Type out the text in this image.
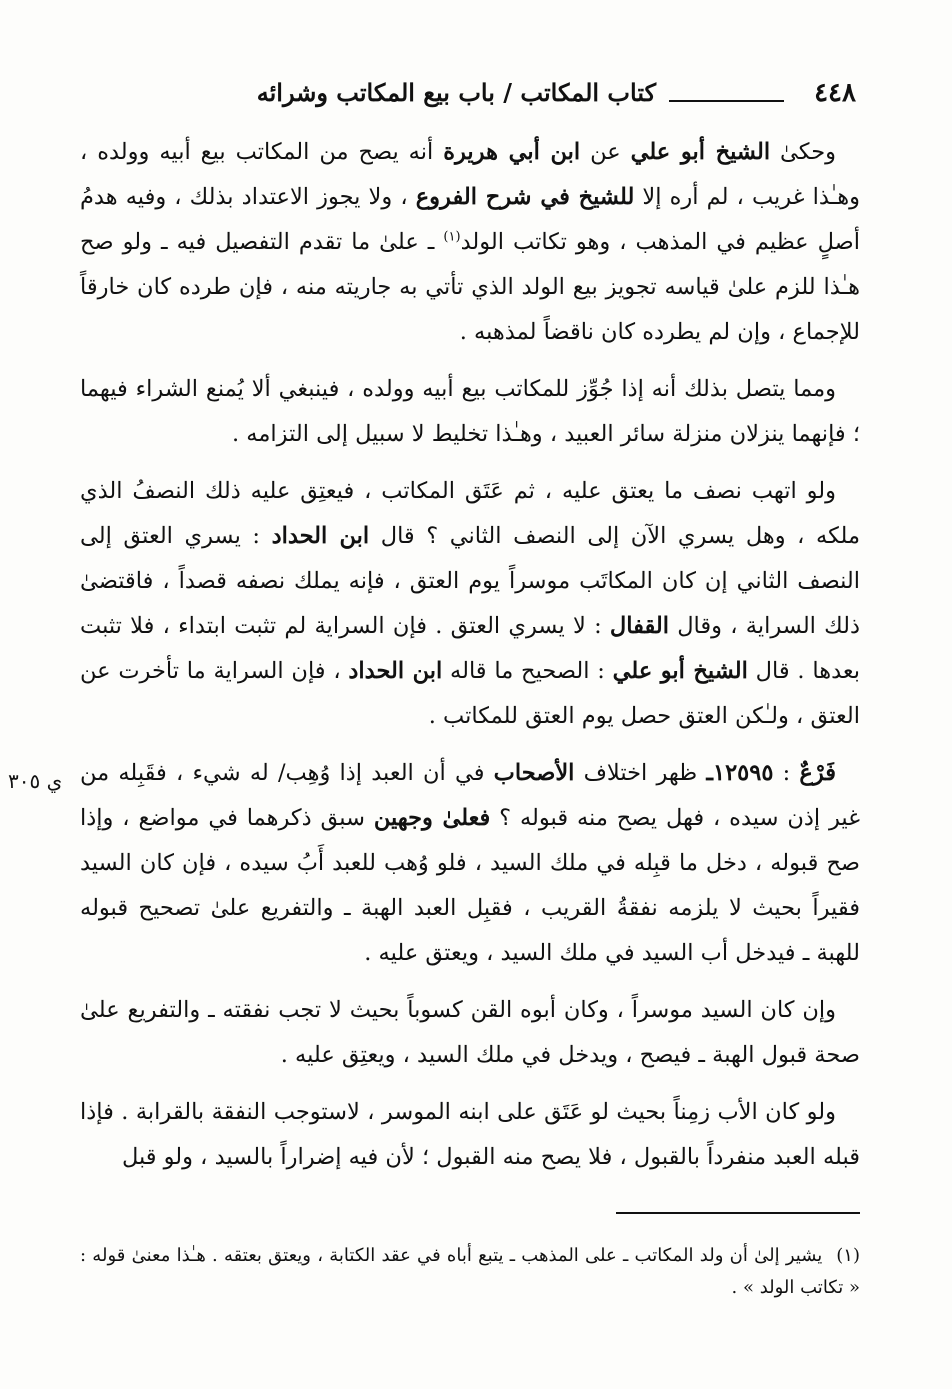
٤٤٨
كتاب المكاتب / باب بيع المكاتب وشرائه
ي ٣٠٥

وحكىٰ الشيخ أبو علي عن ابن أبي هريرة أنه يصح من المكاتب بيع أبيه وولده ، وهـٰذا غريب ، لم أره إلا للشيخ في شرح الفروع ، ولا يجوز الاعتداد بذلك ، وفيه هدمُ أصلٍ عظيم في المذهب ، وهو تكاتب الولد$^{(١)}$ ـ علىٰ ما تقدم التفصيل فيه ـ ولو صح هـٰذا للزم علىٰ قياسه تجويز بيع الولد الذي تأتي به جاريته منه ، فإن طرده كان خارقاً للإجماع ، وإن لم يطرده كان ناقضاً لمذهبه .

ومما يتصل بذلك أنه إذا جُوِّز للمكاتب بيع أبيه وولده ، فينبغي ألا يُمنع الشراء فيهما ؛ فإنهما ينزلان منزلة سائر العبيد ، وهـٰذا تخليط لا سبيل إلى التزامه .

ولو اتهب نصف ما يعتق عليه ، ثم عَتَق المكاتب ، فيعتِق عليه ذلك النصفُ الذي ملكه ، وهل يسري الآن إلى النصف الثاني ؟ قال ابن الحداد : يسري العتق إلى النصف الثاني إن كان المكاتَب موسراً يوم العتق ، فإنه يملك نصفه قصداً ، فاقتضىٰ ذلك السراية ، وقال القفال : لا يسري العتق . فإن السراية لم تثبت ابتداء ، فلا تثبت بعدها . قال الشيخ أبو علي : الصحيح ما قاله ابن الحداد ، فإن السراية ما تأخرت عن العتق ، ولـٰكن العتق حصل يوم العتق للمكاتب .

فَرْعٌ : ١٢٥٩٥ـ ظهر اختلاف الأصحاب في أن العبد إذا وُهِب/ له شيء ، فقَبِله من غير إذن سيده ، فهل يصح منه قبوله ؟ فعلىٰ وجهين سبق ذكرهما في مواضع ، وإذا صح قبوله ، دخل ما قبِله في ملك السيد ، فلو وُهب للعبد أَبُ سيده ، فإن كان السيد فقيراً بحيث لا يلزمه نفقةُ القريب ، فقبِل العبد الهبة ـ والتفريع علىٰ تصحيح قبوله للهبة ـ فيدخل أب السيد في ملك السيد ، ويعتق عليه .

وإن كان السيد موسراً ، وكان أبوه القن كسوباً بحيث لا تجب نفقته ـ والتفريع علىٰ صحة قبول الهبة ـ فيصح ، ويدخل في ملك السيد ، ويعتِق عليه .

ولو كان الأب زمِناً بحيث لو عَتَق على ابنه الموسر ، لاستوجب النفقة بالقرابة . فإذا قبله العبد منفرداً بالقبول ، فلا يصح منه القبول ؛ لأن فيه إضراراً بالسيد ، ولو قبل

(١)يشير إلىٰ أن ولد المكاتب ـ على المذهب ـ يتبع أباه في عقد الكتابة ، ويعتق بعتقه . هـٰذا معنىٰ قوله : « تكاتب الولد » .
